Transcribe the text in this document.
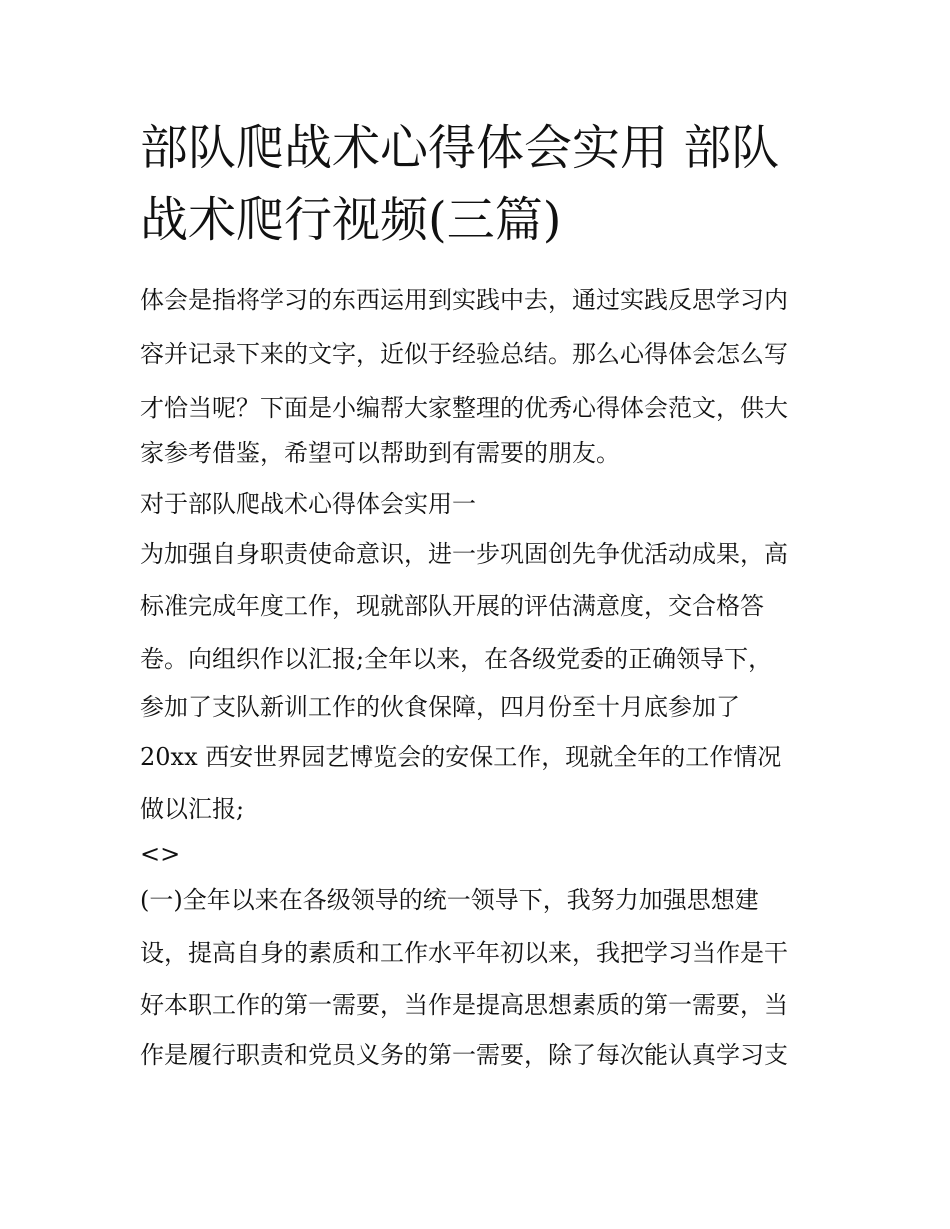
部队爬战术心得体会实用 部队
战术爬行视频(三篇)

体会是指将学习的东西运用到实践中去，通过实践反思学习内

容并记录下来的文字，近似于经验总结。那么心得体会怎么写

才恰当呢？下面是小编帮大家整理的优秀心得体会范文，供大

家参考借鉴，希望可以帮助到有需要的朋友。

对于部队爬战术心得体会实用一

为加强自身职责使命意识，进一步巩固创先争优活动成果，高

标准完成年度工作，现就部队开展的评估满意度，交合格答

卷。向组织作以汇报;全年以来，在各级党委的正确领导下，

参加了支队新训工作的伙食保障，四月份至十月底参加了

20xx 西安世界园艺博览会的安保工作，现就全年的工作情况

做以汇报;

<>

(一)全年以来在各级领导的统一领导下，我努力加强思想建

设，提高自身的素质和工作水平年初以来，我把学习当作是干

好本职工作的第一需要，当作是提高思想素质的第一需要，当

作是履行职责和党员义务的第一需要，除了每次能认真学习支
